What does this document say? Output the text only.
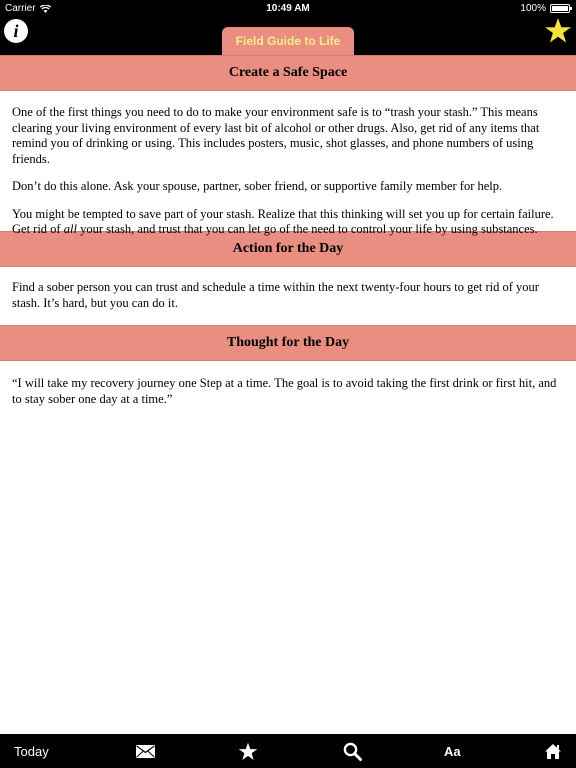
Carrier	10:49 AM	100%
i
Field Guide to Life
Create a Safe Space

One of the first things you need to do to make your environment safe is to “trash your stash.” This means clearing your living environment of every last bit of alcohol or other drugs. Also, get rid of any items that remind you of drinking or using. This includes posters, music, shot glasses, and phone numbers of using friends.

Don’t do this alone. Ask your spouse, partner, sober friend, or supportive family member for help.

You might be tempted to save part of your stash. Realize that this thinking will set you up for certain failure. Get rid of all your stash, and trust that you can let go of the need to control your life by using substances.

Action for the Day

Find a sober person you can trust and schedule a time within the next twenty-four hours to get rid of your stash. It’s hard, but you can do it.

Thought for the Day

“I will take my recovery journey one Step at a time. The goal is to avoid taking the first drink or first hit, and to stay sober one day at a time.”

Today	Aa
